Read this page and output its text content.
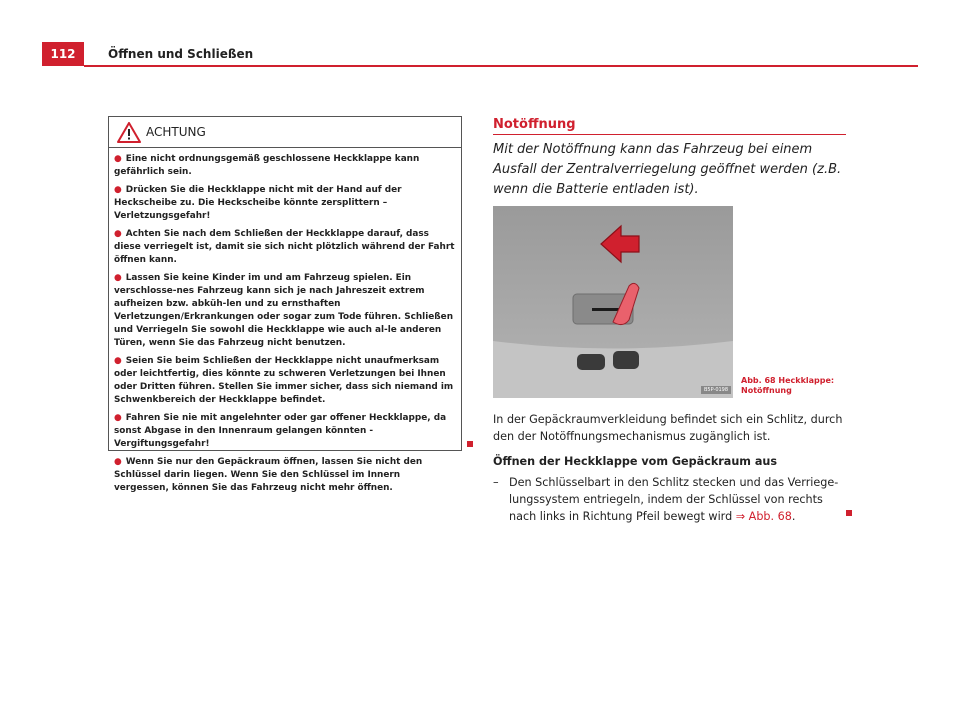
112	Öffnen und Schließen
ACHTUNG
● Eine nicht ordnungsgemäß geschlossene Heckklappe kann gefährlich sein.
● Drücken Sie die Heckklappe nicht mit der Hand auf der Heckscheibe zu. Die Heckscheibe könnte zersplittern – Verletzungsgefahr!
● Achten Sie nach dem Schließen der Heckklappe darauf, dass diese verriegelt ist, damit sie sich nicht plötzlich während der Fahrt öffnen kann.
● Lassen Sie keine Kinder im und am Fahrzeug spielen. Ein verschlosse-nes Fahrzeug kann sich je nach Jahreszeit extrem aufheizen bzw. abküh-len und zu ernsthaften Verletzungen/Erkrankungen oder sogar zum Tode führen. Schließen und Verriegeln Sie sowohl die Heckklappe wie auch al-le anderen Türen, wenn Sie das Fahrzeug nicht benutzen.
● Seien Sie beim Schließen der Heckklappe nicht unaufmerksam oder leichtfertig, dies könnte zu schweren Verletzungen bei Ihnen oder Dritten führen. Stellen Sie immer sicher, dass sich niemand im Schwenkbereich der Heckklappe befindet.
● Fahren Sie nie mit angelehnter oder gar offener Heckklappe, da sonst Abgase in den Innenraum gelangen könnten - Vergiftungsgefahr!
● Wenn Sie nur den Gepäckraum öffnen, lassen Sie nicht den Schlüssel darin liegen. Wenn Sie den Schlüssel im Innern vergessen, können Sie das Fahrzeug nicht mehr öffnen.
Notöffnung
Mit der Notöffnung kann das Fahrzeug bei einem Ausfall der Zentralverriegelung geöffnet werden (z.B. wenn die Batterie entladen ist).
B5P-0198
Abb. 68 Heckklappe: Notöffnung
In der Gepäckraumverkleidung befindet sich ein Schlitz, durch den der Notöffnungsmechanismus zugänglich ist.
Öffnen der Heckklappe vom Gepäckraum aus
– Den Schlüsselbart in den Schlitz stecken und das Verriege-lungssystem entriegeln, indem der Schlüssel von rechts nach links in Richtung Pfeil bewegt wird ⇒ Abb. 68.
